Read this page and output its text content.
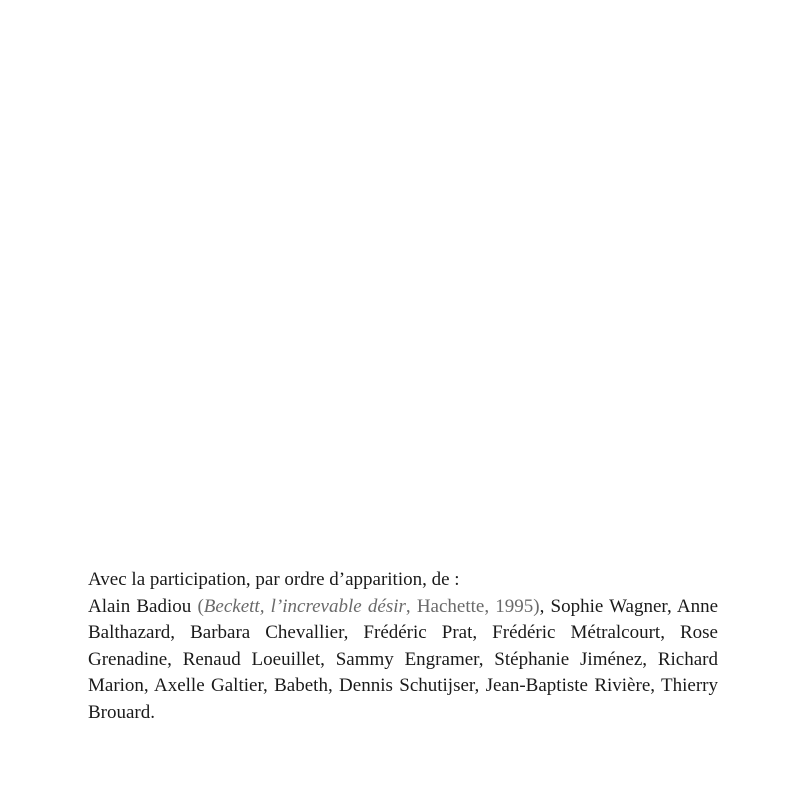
Avec la participation, par ordre d’apparition, de :
Alain Badiou (Beckett, l’increvable désir, Hachette, 1995), Sophie Wagner, Anne Balthazard, Barbara Chevallier, Frédéric Prat, Frédéric Métralcourt, Rose Grenadine, Renaud Loeuillet, Sammy Engramer, Stéphanie Jiménez, Richard Marion, Axelle Galtier, Babeth, Dennis Schutijser, Jean-Baptiste Rivière, Thierry Brouard.
